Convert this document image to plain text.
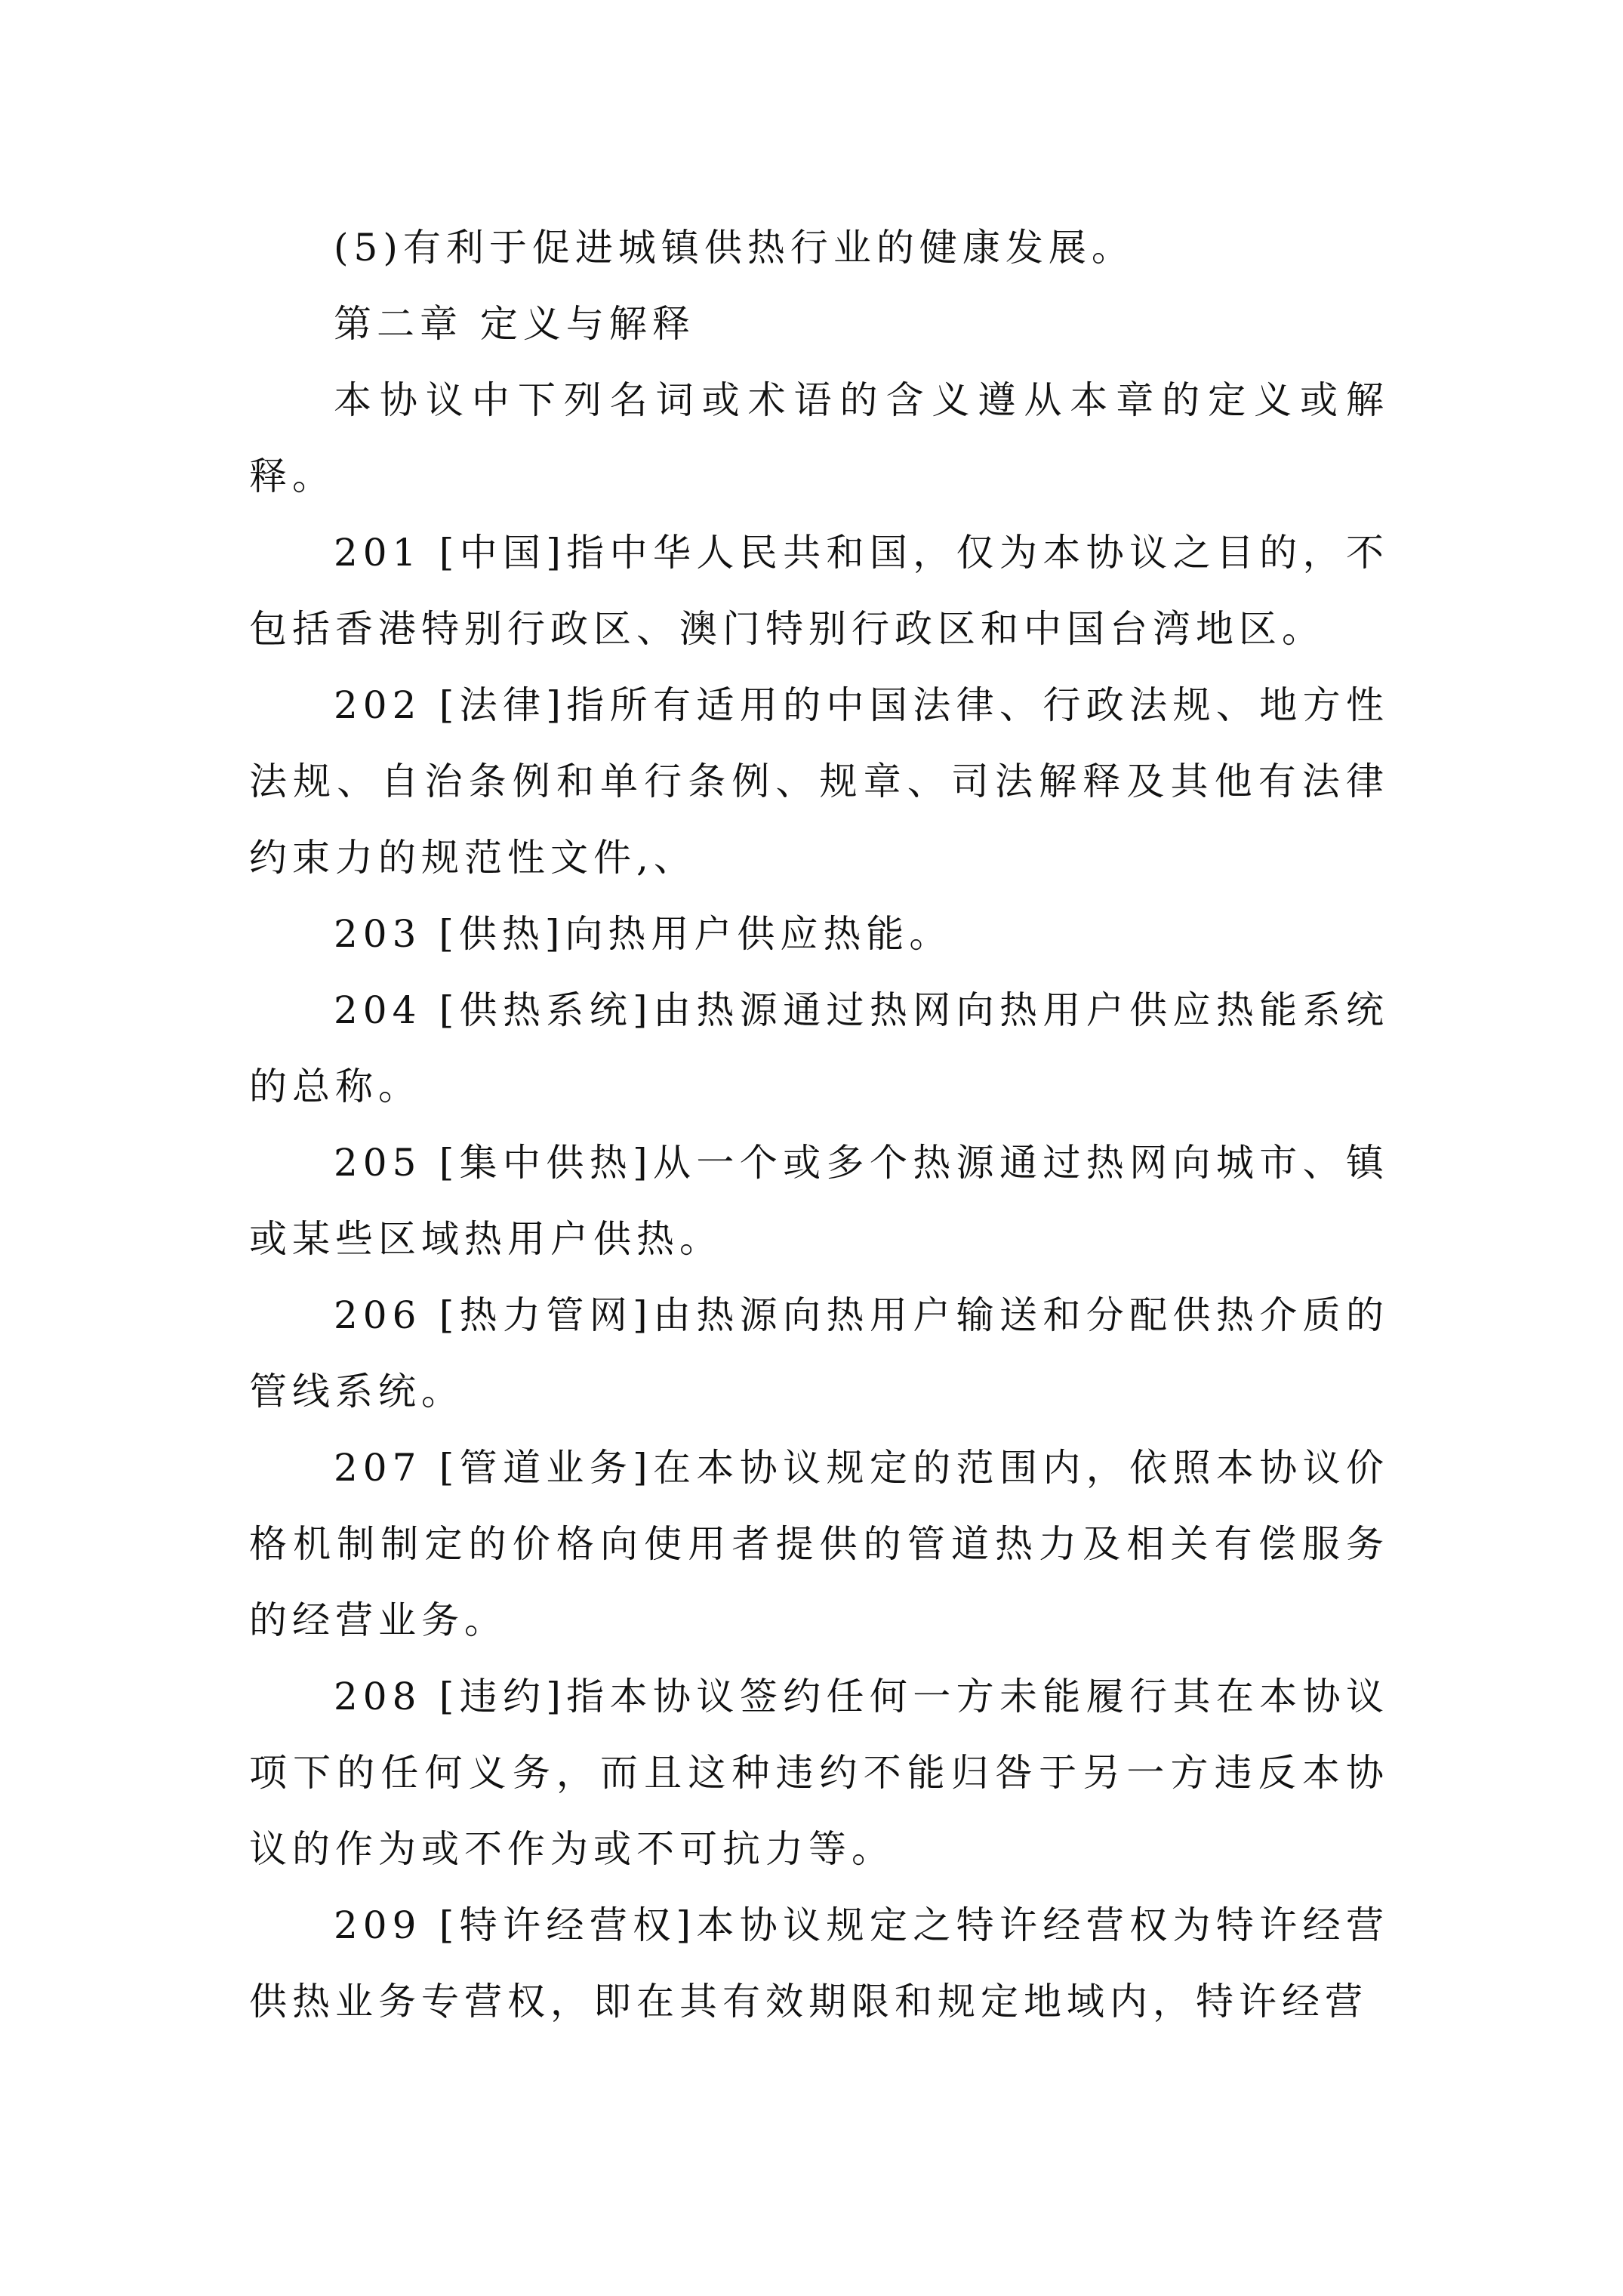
(5)有利于促进城镇供热行业的健康发展。

第二章 定义与解释

本协议中下列名词或术语的含义遵从本章的定义或解释。

201 [中国]指中华人民共和国，仅为本协议之目的，不包括香港特别行政区、澳门特别行政区和中国台湾地区。

202 [法律]指所有适用的中国法律、行政法规、地方性法规、自治条例和单行条例、规章、司法解释及其他有法律约束力的规范性文件,、

203 [供热]向热用户供应热能。

204 [供热系统]由热源通过热网向热用户供应热能系统的总称。

205 [集中供热]从一个或多个热源通过热网向城市、镇或某些区域热用户供热。

206 [热力管网]由热源向热用户输送和分配供热介质的管线系统。

207 [管道业务]在本协议规定的范围内，依照本协议价格机制制定的价格向使用者提供的管道热力及相关有偿服务的经营业务。

208 [违约]指本协议签约任何一方未能履行其在本协议项下的任何义务，而且这种违约不能归咎于另一方违反本协议的作为或不作为或不可抗力等。

209 [特许经营权]本协议规定之特许经营权为特许经营供热业务专营权，即在其有效期限和规定地域内，特许经营
